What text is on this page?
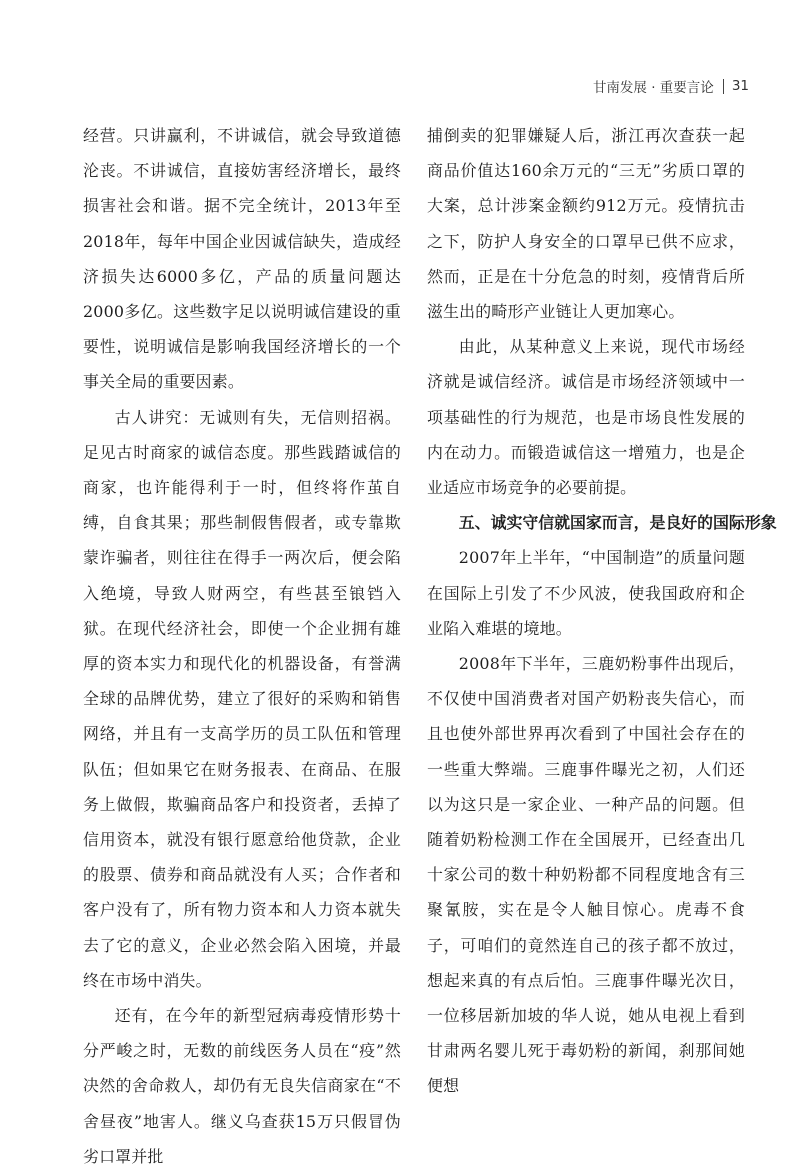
甘南发展 · 重要言论 31

经营。只讲赢利，不讲诚信，就会导致道德沦丧。不讲诚信，直接妨害经济增长，最终损害社会和谐。据不完全统计，2013年至2018年，每年中国企业因诚信缺失，造成经济损失达6000多亿，产品的质量问题达2000多亿。这些数字足以说明诚信建设的重要性，说明诚信是影响我国经济增长的一个事关全局的重要因素。

古人讲究：无诚则有失，无信则招祸。足见古时商家的诚信态度。那些践踏诚信的商家，也许能得利于一时，但终将作茧自缚，自食其果；那些制假售假者，或专靠欺蒙诈骗者，则往往在得手一两次后，便会陷入绝境，导致人财两空，有些甚至锒铛入狱。在现代经济社会，即使一个企业拥有雄厚的资本实力和现代化的机器设备，有誉满全球的品牌优势，建立了很好的采购和销售网络，并且有一支高学历的员工队伍和管理队伍；但如果它在财务报表、在商品、在服务上做假，欺骗商品客户和投资者，丢掉了信用资本，就没有银行愿意给他贷款，企业的股票、债券和商品就没有人买；合作者和客户没有了，所有物力资本和人力资本就失去了它的意义，企业必然会陷入困境，并最终在市场中消失。

还有，在今年的新型冠病毒疫情形势十分严峻之时，无数的前线医务人员在“疫”然决然的舍命救人，却仍有无良失信商家在“不舍昼夜”地害人。继义乌查获15万只假冒伪劣口罩并批

捕倒卖的犯罪嫌疑人后，浙江再次查获一起商品价值达160余万元的“三无”劣质口罩的大案，总计涉案金额约912万元。疫情抗击之下，防护人身安全的口罩早已供不应求，然而，正是在十分危急的时刻，疫情背后所滋生出的畸形产业链让人更加寒心。

由此，从某种意义上来说，现代市场经济就是诚信经济。诚信是市场经济领域中一项基础性的行为规范，也是市场良性发展的内在动力。而锻造诚信这一增殖力，也是企业适应市场竞争的必要前提。

五、诚实守信就国家而言，是良好的国际形象

2007年上半年，“中国制造”的质量问题在国际上引发了不少风波，使我国政府和企业陷入难堪的境地。

2008年下半年，三鹿奶粉事件出现后，不仅使中国消费者对国产奶粉丧失信心，而且也使外部世界再次看到了中国社会存在的一些重大弊端。三鹿事件曝光之初，人们还以为这只是一家企业、一种产品的问题。但随着奶粉检测工作在全国展开，已经查出几十家公司的数十种奶粉都不同程度地含有三聚氰胺，实在是令人触目惊心。虎毒不食子，可咱们的竟然连自己的孩子都不放过，想起来真的有点后怕。三鹿事件曝光次日，一位移居新加坡的华人说，她从电视上看到甘肃两名婴儿死于毒奶粉的新闻，刹那间她便想
